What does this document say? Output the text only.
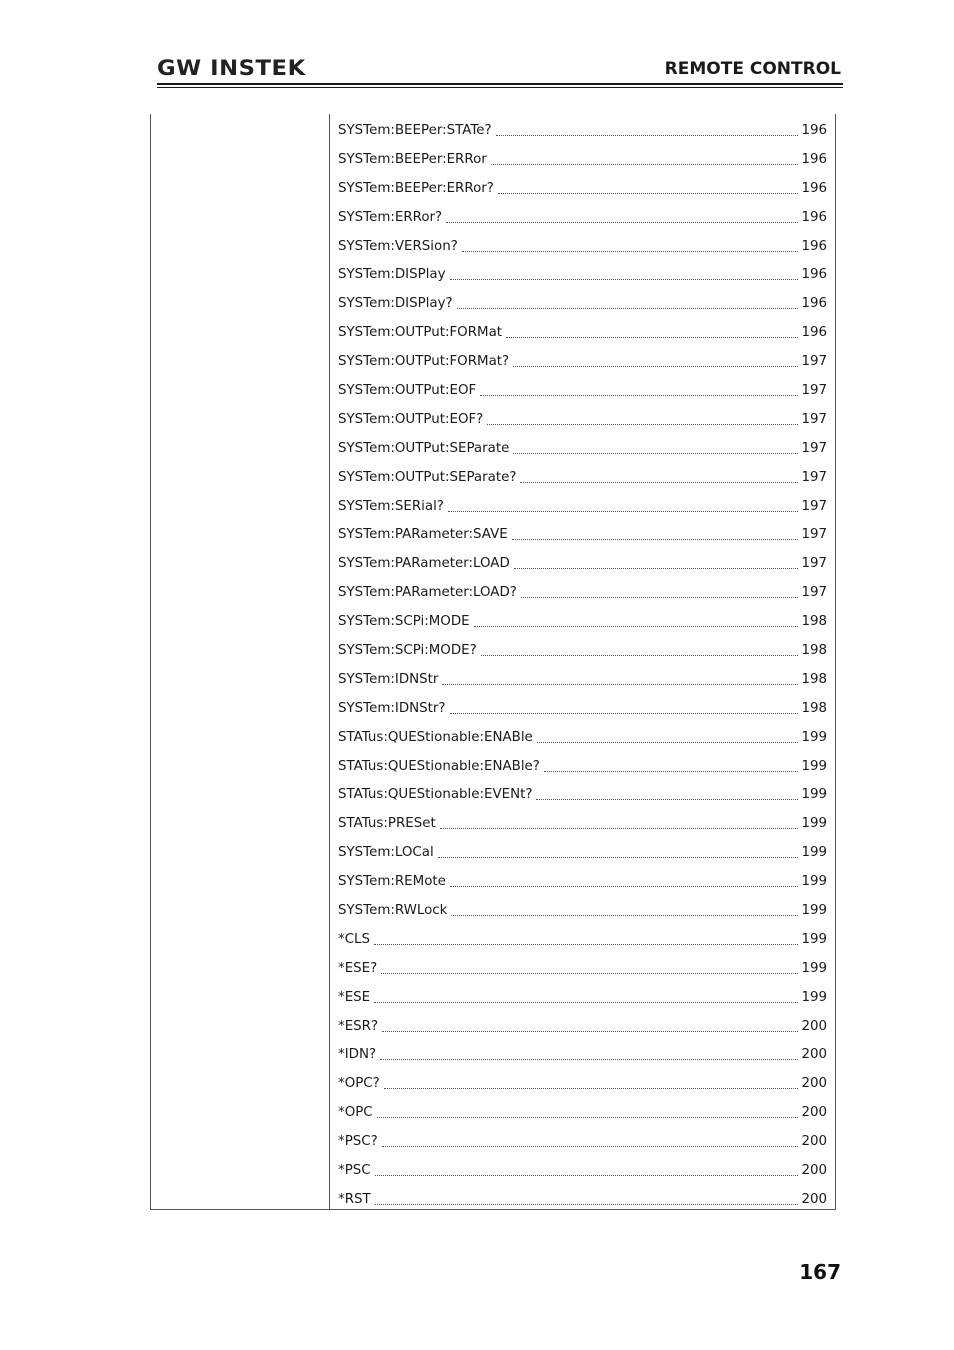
GW INSTEK	REMOTE CONTROL
SYSTem:BEEPer:STATe?	196
SYSTem:BEEPer:ERRor	196
SYSTem:BEEPer:ERRor?	196
SYSTem:ERRor?	196
SYSTem:VERSion?	196
SYSTem:DISPlay	196
SYSTem:DISPlay?	196
SYSTem:OUTPut:FORMat	196
SYSTem:OUTPut:FORMat?	197
SYSTem:OUTPut:EOF	197
SYSTem:OUTPut:EOF?	197
SYSTem:OUTPut:SEParate	197
SYSTem:OUTPut:SEParate?	197
SYSTem:SERial?	197
SYSTem:PARameter:SAVE	197
SYSTem:PARameter:LOAD	197
SYSTem:PARameter:LOAD?	197
SYSTem:SCPi:MODE	198
SYSTem:SCPi:MODE?	198
SYSTem:IDNStr	198
SYSTem:IDNStr?	198
STATus:QUEStionable:ENABle	199
STATus:QUEStionable:ENABle?	199
STATus:QUEStionable:EVENt?	199
STATus:PRESet	199
SYSTem:LOCal	199
SYSTem:REMote	199
SYSTem:RWLock	199
*CLS	199
*ESE?	199
*ESE	199
*ESR?	200
*IDN?	200
*OPC?	200
*OPC	200
*PSC?	200
*PSC	200
*RST	200
167
